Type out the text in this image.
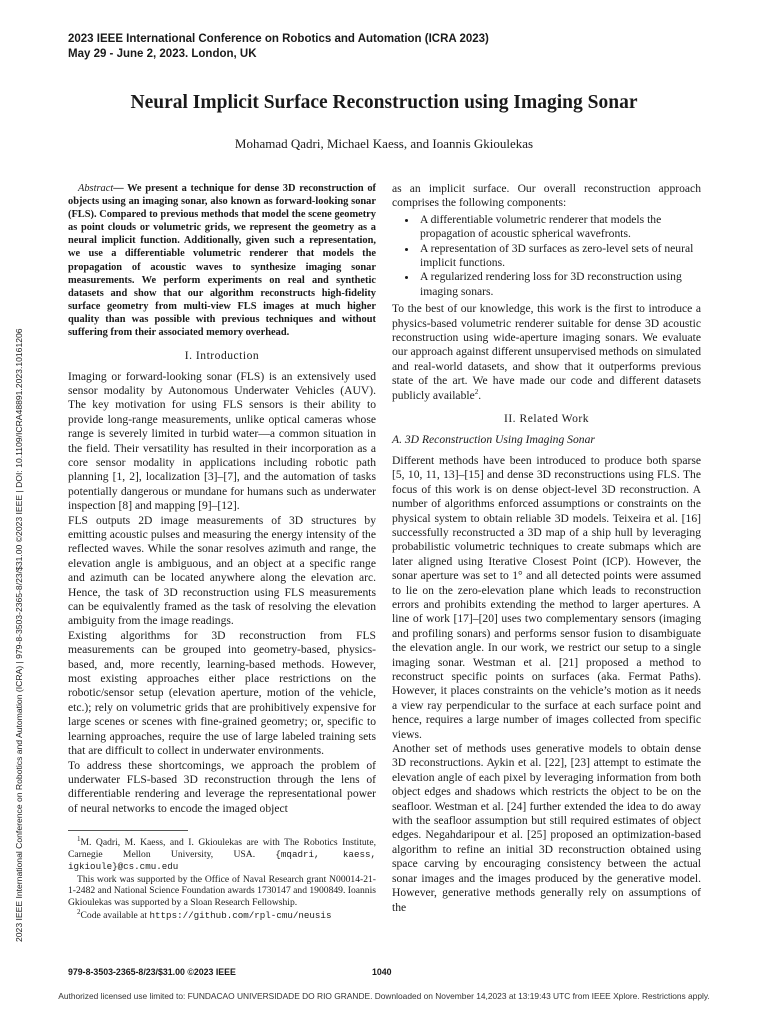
2023 IEEE International Conference on Robotics and Automation (ICRA 2023)
May 29 - June 2, 2023. London, UK
Neural Implicit Surface Reconstruction using Imaging Sonar
Mohamad Qadri, Michael Kaess, and Ioannis Gkioulekas
2023 IEEE International Conference on Robotics and Automation (ICRA) | 979-8-3503-2365-8/23/$31.00 ©2023 IEEE | DOI: 10.1109/ICRA48891.2023.10161206

Abstract— We present a technique for dense 3D reconstruction of objects using an imaging sonar, also known as forward-looking sonar (FLS). Compared to previous methods that model the scene geometry as point clouds or volumetric grids, we represent the geometry as a neural implicit function. Additionally, given such a representation, we use a differentiable volumetric renderer that models the propagation of acoustic waves to synthesize imaging sonar measurements. We perform experiments on real and synthetic datasets and show that our algorithm reconstructs high-fidelity surface geometry from multi-view FLS images at much higher quality than was possible with previous techniques and without suffering from their associated memory overhead.

I. Introduction

Imaging or forward-looking sonar (FLS) is an extensively used sensor modality by Autonomous Underwater Vehicles (AUV). The key motivation for using FLS sensors is their ability to provide long-range measurements, unlike optical cameras whose range is severely limited in turbid water—a common situation in the field. Their versatility has resulted in their incorporation as a core sensor modality in applications including robotic path planning [1, 2], localization [3]–[7], and the automation of tasks potentially dangerous or mundane for humans such as underwater inspection [8] and mapping [9]–[12].

FLS outputs 2D image measurements of 3D structures by emitting acoustic pulses and measuring the energy intensity of the reflected waves. While the sonar resolves azimuth and range, the elevation angle is ambiguous, and an object at a specific range and azimuth can be located anywhere along the elevation arc. Hence, the task of 3D reconstruction using FLS measurements can be equivalently framed as the task of resolving the elevation ambiguity from the image readings.

Existing algorithms for 3D reconstruction from FLS measurements can be grouped into geometry-based, physics-based, and, more recently, learning-based methods. However, most existing approaches either place restrictions on the robotic/sensor setup (elevation aperture, motion of the vehicle, etc.); rely on volumetric grids that are prohibitively expensive for large scenes or scenes with fine-grained geometry; or, specific to learning approaches, require the use of large labeled training sets that are difficult to collect in underwater environments.

To address these shortcomings, we approach the problem of underwater FLS-based 3D reconstruction through the lens of differentiable rendering and leverage the representational power of neural networks to encode the imaged object

$^1$M. Qadri, M. Kaess, and I. Gkioulekas are with The Robotics Institute, Carnegie Mellon University, USA. {mqadri, kaess, igkioule}@cs.cmu.edu

This work was supported by the Office of Naval Research grant N00014-21-1-2482 and National Science Foundation awards 1730147 and 1900849. Ioannis Gkioulekas was supported by a Sloan Research Fellowship.

$^2$Code available at https://github.com/rpl-cmu/neusis

as an implicit surface. Our overall reconstruction approach comprises the following components:

• A differentiable volumetric renderer that models the propagation of acoustic spherical wavefronts.
• A representation of 3D surfaces as zero-level sets of neural implicit functions.
• A regularized rendering loss for 3D reconstruction using imaging sonars.

To the best of our knowledge, this work is the first to introduce a physics-based volumetric renderer suitable for dense 3D acoustic reconstruction using wide-aperture imaging sonars. We evaluate our approach against different unsupervised methods on simulated and real-world datasets, and show that it outperforms previous state of the art. We have made our code and different datasets publicly available$^2$.

II. Related Work
A. 3D Reconstruction Using Imaging Sonar

Different methods have been introduced to produce both sparse [5, 10, 11, 13]–[15] and dense 3D reconstructions using FLS. The focus of this work is on dense object-level 3D reconstruction. A number of algorithms enforced assumptions or constraints on the physical system to obtain reliable 3D models. Teixeira et al. [16] successfully reconstructed a 3D map of a ship hull by leveraging probabilistic volumetric techniques to create submaps which are later aligned using Iterative Closest Point (ICP). However, the sonar aperture was set to 1° and all detected points were assumed to lie on the zero-elevation plane which leads to reconstruction errors and prohibits extending the method to larger apertures. A line of work [17]–[20] uses two complementary sensors (imaging and profiling sonars) and performs sensor fusion to disambiguate the elevation angle. In our work, we restrict our setup to a single imaging sonar. Westman et al. [21] proposed a method to reconstruct specific points on surfaces (aka. Fermat Paths). However, it places constraints on the vehicle’s motion as it needs a view ray perpendicular to the surface at each surface point and hence, requires a large number of images collected from specific views.

Another set of methods uses generative models to obtain dense 3D reconstructions. Aykin et al. [22], [23] attempt to estimate the elevation angle of each pixel by leveraging information from both object edges and shadows which restricts the object to be on the seafloor. Westman et al. [24] further extended the idea to do away with the seafloor assumption but still required estimates of object edges. Negahdaripour et al. [25] proposed an optimization-based algorithm to refine an initial 3D reconstruction obtained using space carving by encouraging consistency between the actual sonar images and the images produced by the generative model. However, generative methods generally rely on assumptions of the

979-8-3503-2365-8/23/$31.00 ©2023 IEEE	1040
Authorized licensed use limited to: FUNDACAO UNIVERSIDADE DO RIO GRANDE. Downloaded on November 14,2023 at 13:19:43 UTC from IEEE Xplore. Restrictions apply.
